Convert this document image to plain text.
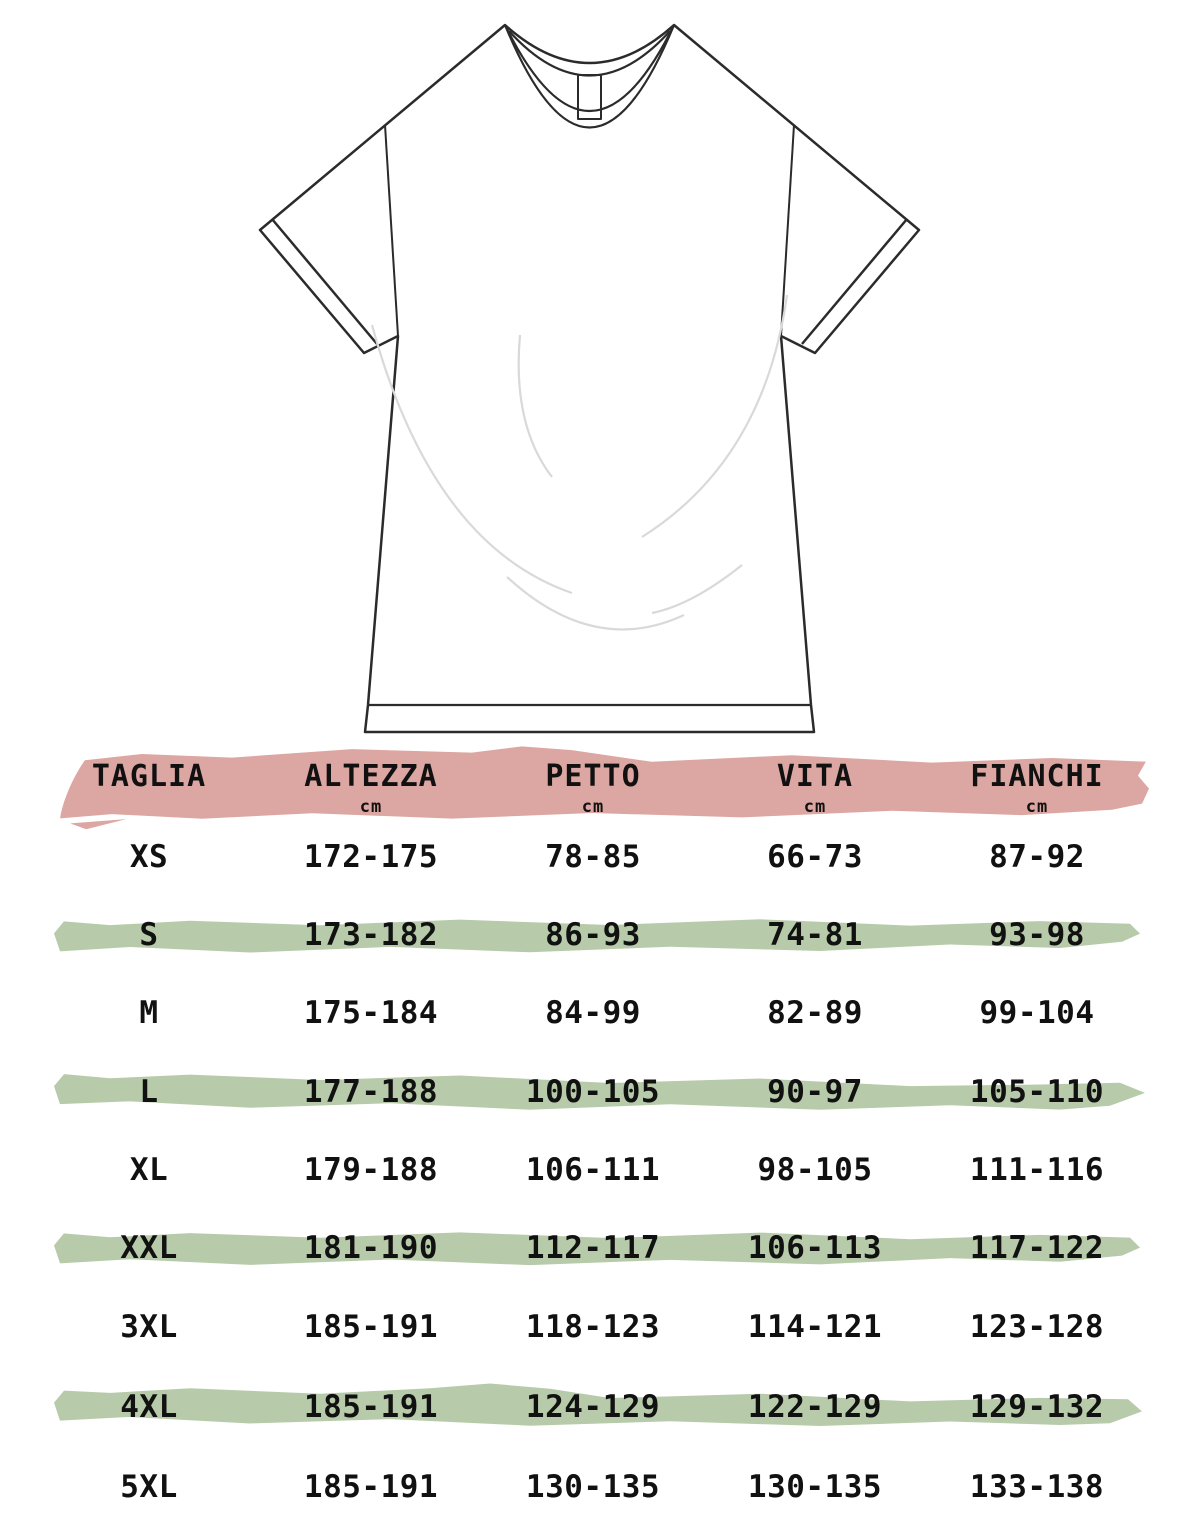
TAGLIA	ALTEZZA	PETTO	VITA	FIANCHI
cm	cm	cm	cm
XS	172-175	78-85	66-73	87-92
S	173-182	86-93	74-81	93-98
M	175-184	84-99	82-89	99-104
L	177-188	100-105	90-97	105-110
XL	179-188	106-111	98-105	111-116
XXL	181-190	112-117	106-113	117-122
3XL	185-191	118-123	114-121	123-128
4XL	185-191	124-129	122-129	129-132
5XL	185-191	130-135	130-135	133-138
